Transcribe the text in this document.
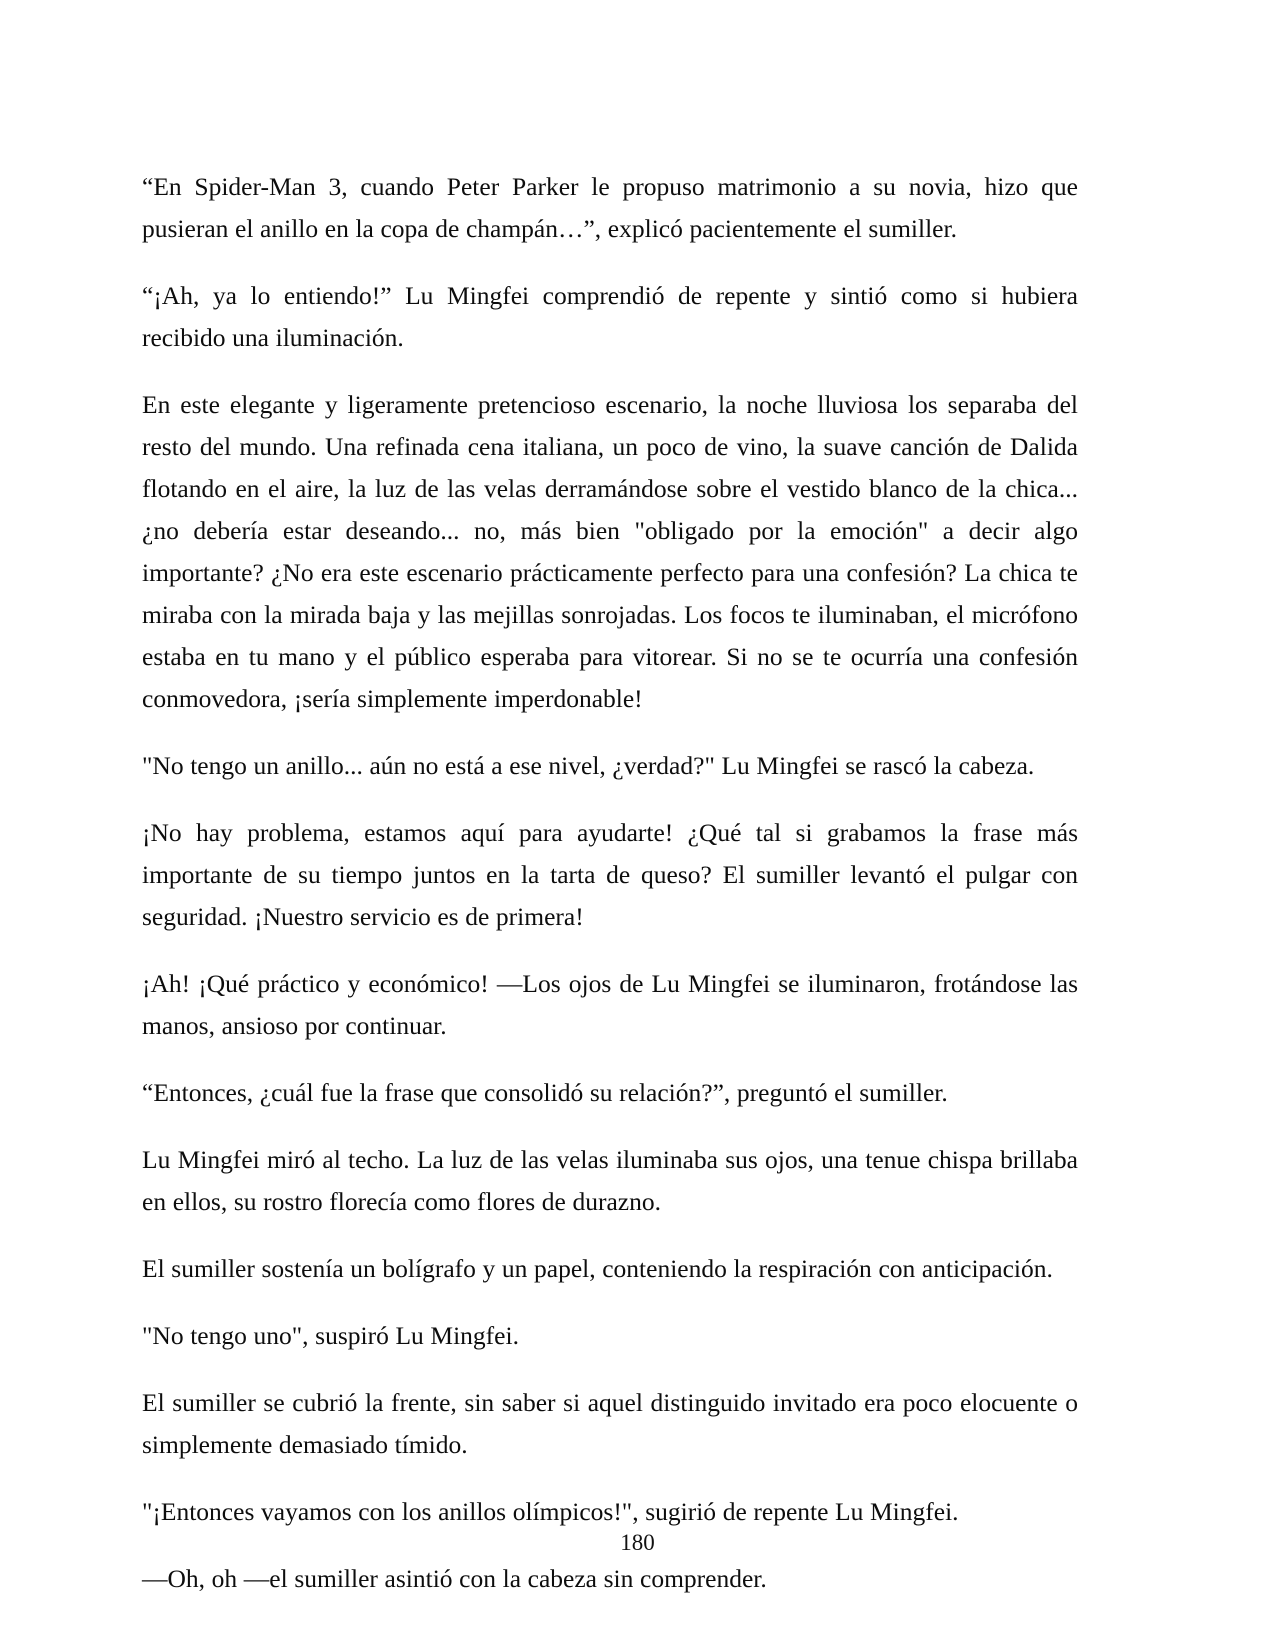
“En Spider-Man 3, cuando Peter Parker le propuso matrimonio a su novia, hizo que pusieran el anillo en la copa de champán…”, explicó pacientemente el sumiller.

“¡Ah, ya lo entiendo!” Lu Mingfei comprendió de repente y sintió como si hubiera recibido una iluminación.

En este elegante y ligeramente pretencioso escenario, la noche lluviosa los separaba del resto del mundo. Una refinada cena italiana, un poco de vino, la suave canción de Dalida flotando en el aire, la luz de las velas derramándose sobre el vestido blanco de la chica... ¿no debería estar deseando... no, más bien "obligado por la emoción" a decir algo importante? ¿No era este escenario prácticamente perfecto para una confesión? La chica te miraba con la mirada baja y las mejillas sonrojadas. Los focos te iluminaban, el micrófono estaba en tu mano y el público esperaba para vitorear. Si no se te ocurría una confesión conmovedora, ¡sería simplemente imperdonable!

"No tengo un anillo... aún no está a ese nivel, ¿verdad?" Lu Mingfei se rascó la cabeza.

¡No hay problema, estamos aquí para ayudarte! ¿Qué tal si grabamos la frase más importante de su tiempo juntos en la tarta de queso? El sumiller levantó el pulgar con seguridad. ¡Nuestro servicio es de primera!

¡Ah! ¡Qué práctico y económico! —Los ojos de Lu Mingfei se iluminaron, frotándose las manos, ansioso por continuar.

“Entonces, ¿cuál fue la frase que consolidó su relación?”, preguntó el sumiller.

Lu Mingfei miró al techo. La luz de las velas iluminaba sus ojos, una tenue chispa brillaba en ellos, su rostro florecía como flores de durazno.

El sumiller sostenía un bolígrafo y un papel, conteniendo la respiración con anticipación.

"No tengo uno", suspiró Lu Mingfei.

El sumiller se cubrió la frente, sin saber si aquel distinguido invitado era poco elocuente o simplemente demasiado tímido.

"¡Entonces vayamos con los anillos olímpicos!", sugirió de repente Lu Mingfei.

—Oh, oh —el sumiller asintió con la cabeza sin comprender.

180
